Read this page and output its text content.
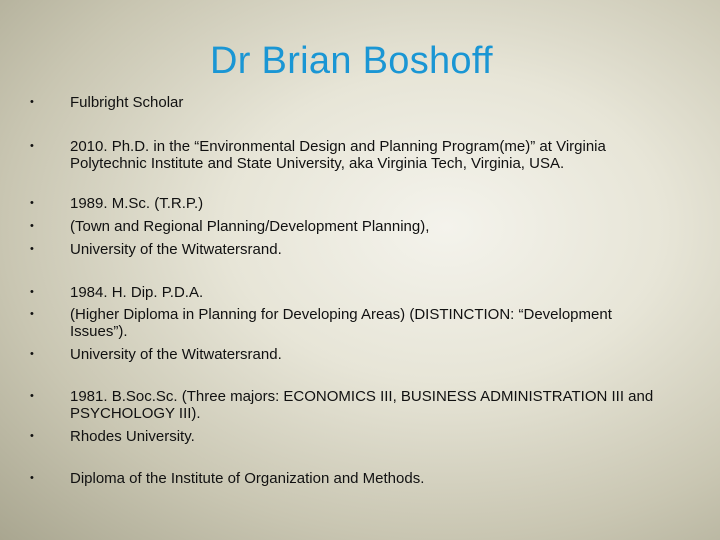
Dr Brian Boshoff
•
•
•
•
•
•
•
•
•
•
•
Fulbright Scholar
2010. Ph.D. in the “Environmental Design and Planning Program(me)” at Virginia
Polytechnic Institute and State University, aka Virginia Tech, Virginia, USA.
1989. M.Sc. (T.R.P.)
(Town and Regional Planning/Development Planning),
University of the Witwatersrand.
1984. H. Dip. P.D.A.
(Higher Diploma in Planning for Developing Areas) (DISTINCTION: “Development
Issues”).
University of the Witwatersrand.
1981. B.Soc.Sc. (Three majors: ECONOMICS III, BUSINESS ADMINISTRATION III and
PSYCHOLOGY III).
Rhodes University.
Diploma of the Institute of Organization and Methods.
